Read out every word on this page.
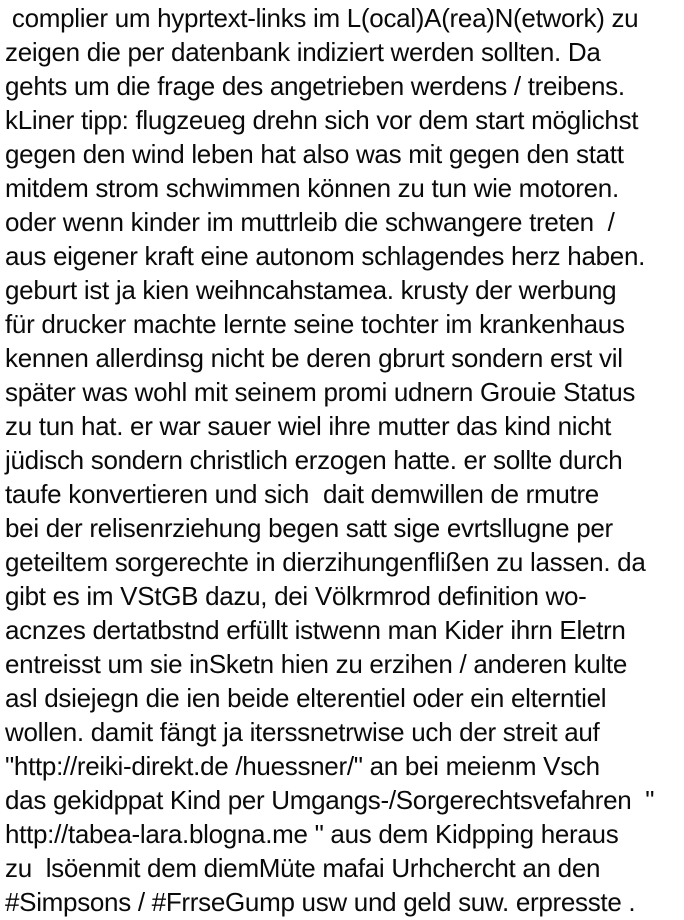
complier um hyprtext-links im L(ocal)A(rea)N(etwork) zu
zeigen die per datenbank indiziert werden sollten. Da
gehts um die frage des angetrieben werdens / treibens.
kLiner tipp: flugzeueg drehn sich vor dem start möglichst
gegen den wind leben hat also was mit gegen den statt
mitdem strom schwimmen können zu tun wie motoren.
oder wenn kinder im muttrleib die schwangere treten  /
aus eigener kraft eine autonom schlagendes herz haben.
geburt ist ja kien weihncahstamea. krusty der werbung
für drucker machte lernte seine tochter im krankenhaus
kennen allerdinsg nicht be deren gbrurt sondern erst vil
später was wohl mit seinem promi udnern Grouie Status
zu tun hat. er war sauer wiel ihre mutter das kind nicht
jüdisch sondern christlich erzogen hatte. er sollte durch
taufe konvertieren und sich  dait demwillen de rmutre
bei der relisenrziehung begen satt sige evrtsllugne per
geteiltem sorgerechte in dierzihungenflißen zu lassen. da
gibt es im VStGB dazu, dei Völkrmrod definition wo-
acnzes dertatbstnd erfüllt istwenn man Kider ihrn Eletrn
entreisst um sie inSketn hien zu erzihen / anderen kulte
asl dsiejegn die ien beide elterentiel oder ein elterntiel
wollen. damit fängt ja iterssnetrwise uch der streit auf
"http://reiki-direkt.de /huessner/" an bei meienm Vsch
das gekidppat Kind per Umgangs-/Sorgerechtsvefahren  "
http://tabea-lara.blogna.me " aus dem Kidpping heraus
zu  lsöenmit dem diemMüte mafai Urhchercht an den
#Simpsons / #FrrseGump usw und geld suw. erpresste .
